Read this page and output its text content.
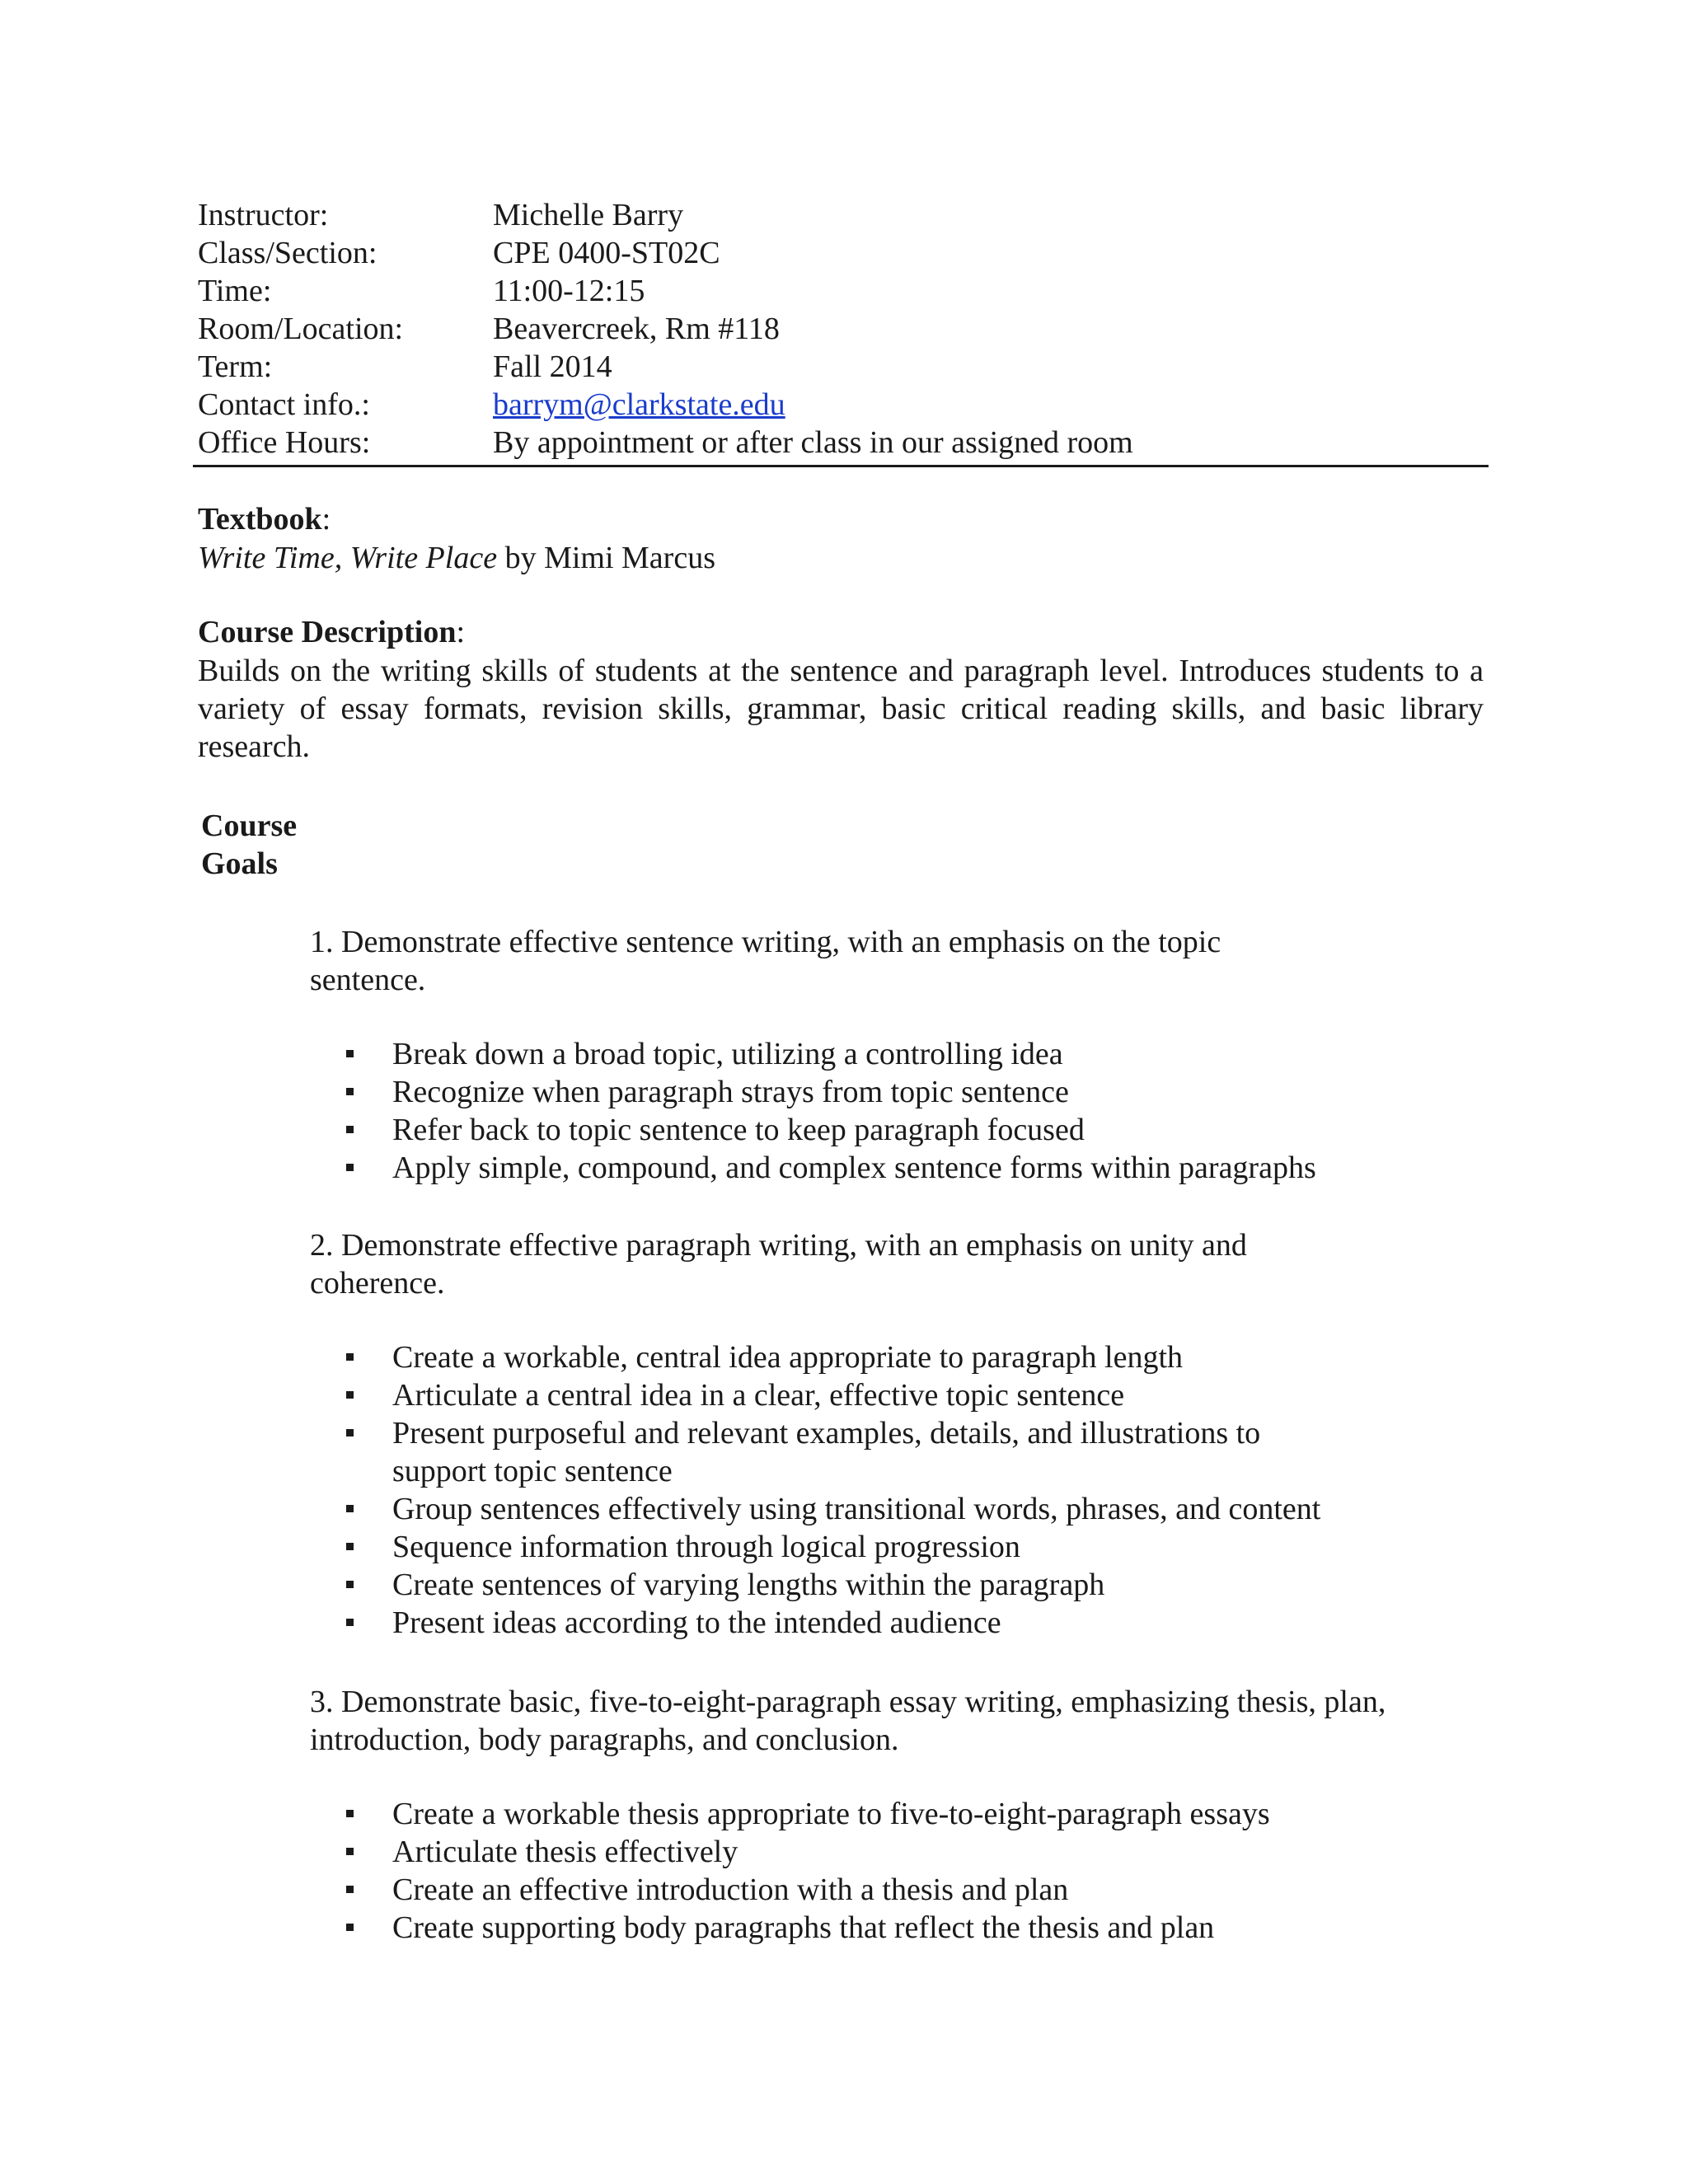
Instructor:	Michelle Barry
Class/Section:	CPE 0400-ST02C
Time:	11:00-12:15
Room/Location:	Beavercreek, Rm #118
Term:	Fall 2014
Contact info.:	barrym@clarkstate.edu
Office Hours:	By appointment or after class in our assigned room
Textbook:
Write Time, Write Place by Mimi Marcus
Course Description:
Builds on the writing skills of students at the sentence and paragraph level. Introduces students to a variety of essay formats, revision skills, grammar, basic critical reading skills, and basic library research.
Course
Goals
1. Demonstrate effective sentence writing, with an emphasis on the topic sentence.
Break down a broad topic, utilizing a controlling idea
Recognize when paragraph strays from topic sentence
Refer back to topic sentence to keep paragraph focused
Apply simple, compound, and complex sentence forms within paragraphs
2. Demonstrate effective paragraph writing, with an emphasis on unity and coherence.
Create a workable, central idea appropriate to paragraph length
Articulate a central idea in a clear, effective topic sentence
Present purposeful and relevant examples, details, and illustrations to support topic sentence
Group sentences effectively using transitional words, phrases, and content
Sequence information through logical progression
Create sentences of varying lengths within the paragraph
Present ideas according to the intended audience
3. Demonstrate basic, five-to-eight-paragraph essay writing, emphasizing thesis, plan, introduction, body paragraphs, and conclusion.
Create a workable thesis appropriate to five-to-eight-paragraph essays
Articulate thesis effectively
Create an effective introduction with a thesis and plan
Create supporting body paragraphs that reflect the thesis and plan
